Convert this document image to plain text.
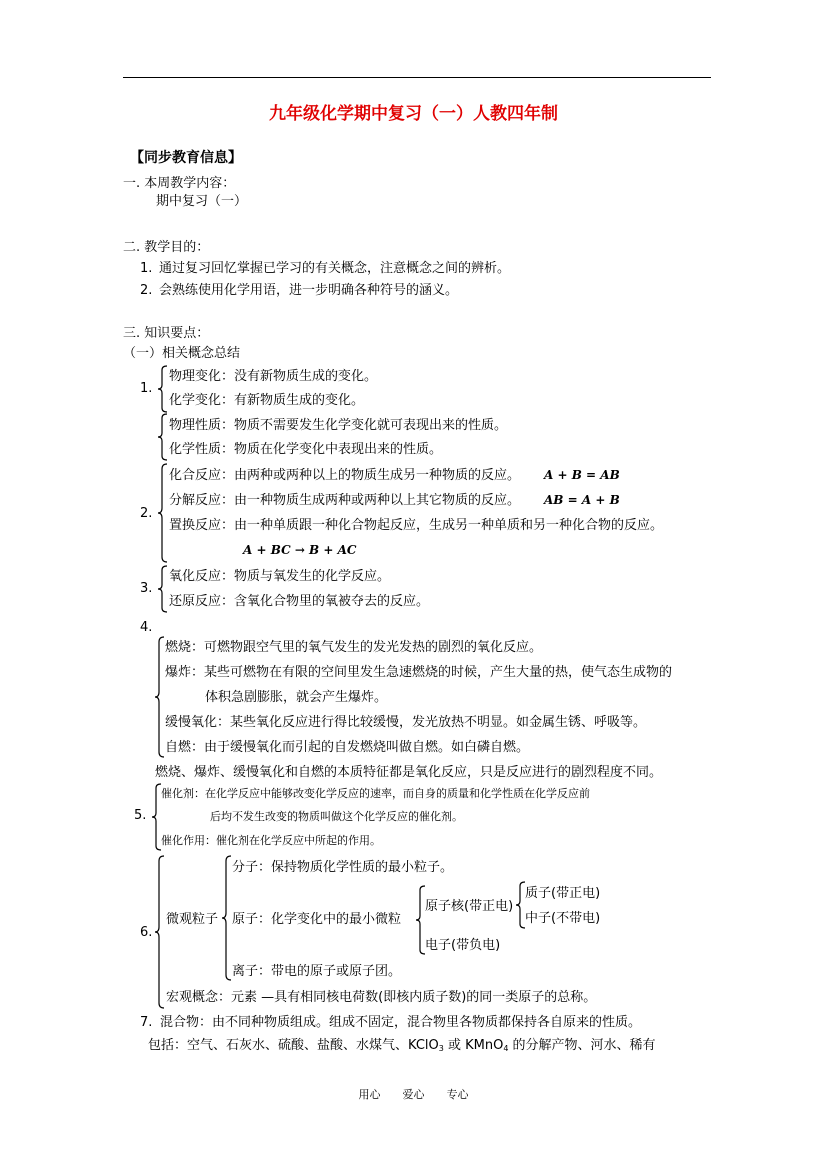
九年级化学期中复习（一）人教四年制
【同步教育信息】
一. 本周教学内容：
期中复习（一）
二. 教学目的：
1. 通过复习回忆掌握已学习的有关概念，注意概念之间的辨析。
2. 会熟练使用化学用语，进一步明确各种符号的涵义。
三. 知识要点：
（一）相关概念总结
1.
物理变化：没有新物质生成的变化。
化学变化：有新物质生成的变化。
物理性质：物质不需要发生化学变化就可表现出来的性质。
化学性质：物质在化学变化中表现出来的性质。
2.
化合反应：由两种或两种以上的物质生成另一种物质的反应。 A + B = AB
分解反应：由一种物质生成两种或两种以上其它物质的反应。 AB = A + B
置换反应：由一种单质跟一种化合物起反应，生成另一种单质和另一种化合物的反应。
A + BC → B + AC
3.
氧化反应：物质与氧发生的化学反应。
还原反应：含氧化合物里的氧被夺去的反应。
4.
燃烧：可燃物跟空气里的氧气发生的发光发热的剧烈的氧化反应。
爆炸：某些可燃物在有限的空间里发生急速燃烧的时候，产生大量的热，使气态生成物的
体积急剧膨胀，就会产生爆炸。
缓慢氧化：某些氧化反应进行得比较缓慢，发光放热不明显。如金属生锈、呼吸等。
自燃：由于缓慢氧化而引起的自发燃烧叫做自燃。如白磷自燃。
燃烧、爆炸、缓慢氧化和自燃的本质特征都是氧化反应，只是反应进行的剧烈程度不同。
5.
催化剂：在化学反应中能够改变化学反应的速率，而自身的质量和化学性质在化学反应前
后均不发生改变的物质叫做这个化学反应的催化剂。
催化作用：催化剂在化学反应中所起的作用。
6.
微观粒子
分子：保持物质化学性质的最小粒子。
原子：化学变化中的最小微粒
原子核(带正电)
质子(带正电)
中子(不带电)
电子(带负电)
离子：带电的原子或原子团。
宏观概念：元素 —具有相同核电荷数(即核内质子数)的同一类原子的总称。
7. 混合物：由不同种物质组成。组成不固定，混合物里各物质都保持各自原来的性质。
包括：空气、石灰水、硫酸、盐酸、水煤气、KClO$_3$ 或 KMnO$_4$ 的分解产物、河水、稀有
用心　　爱心　　专心
